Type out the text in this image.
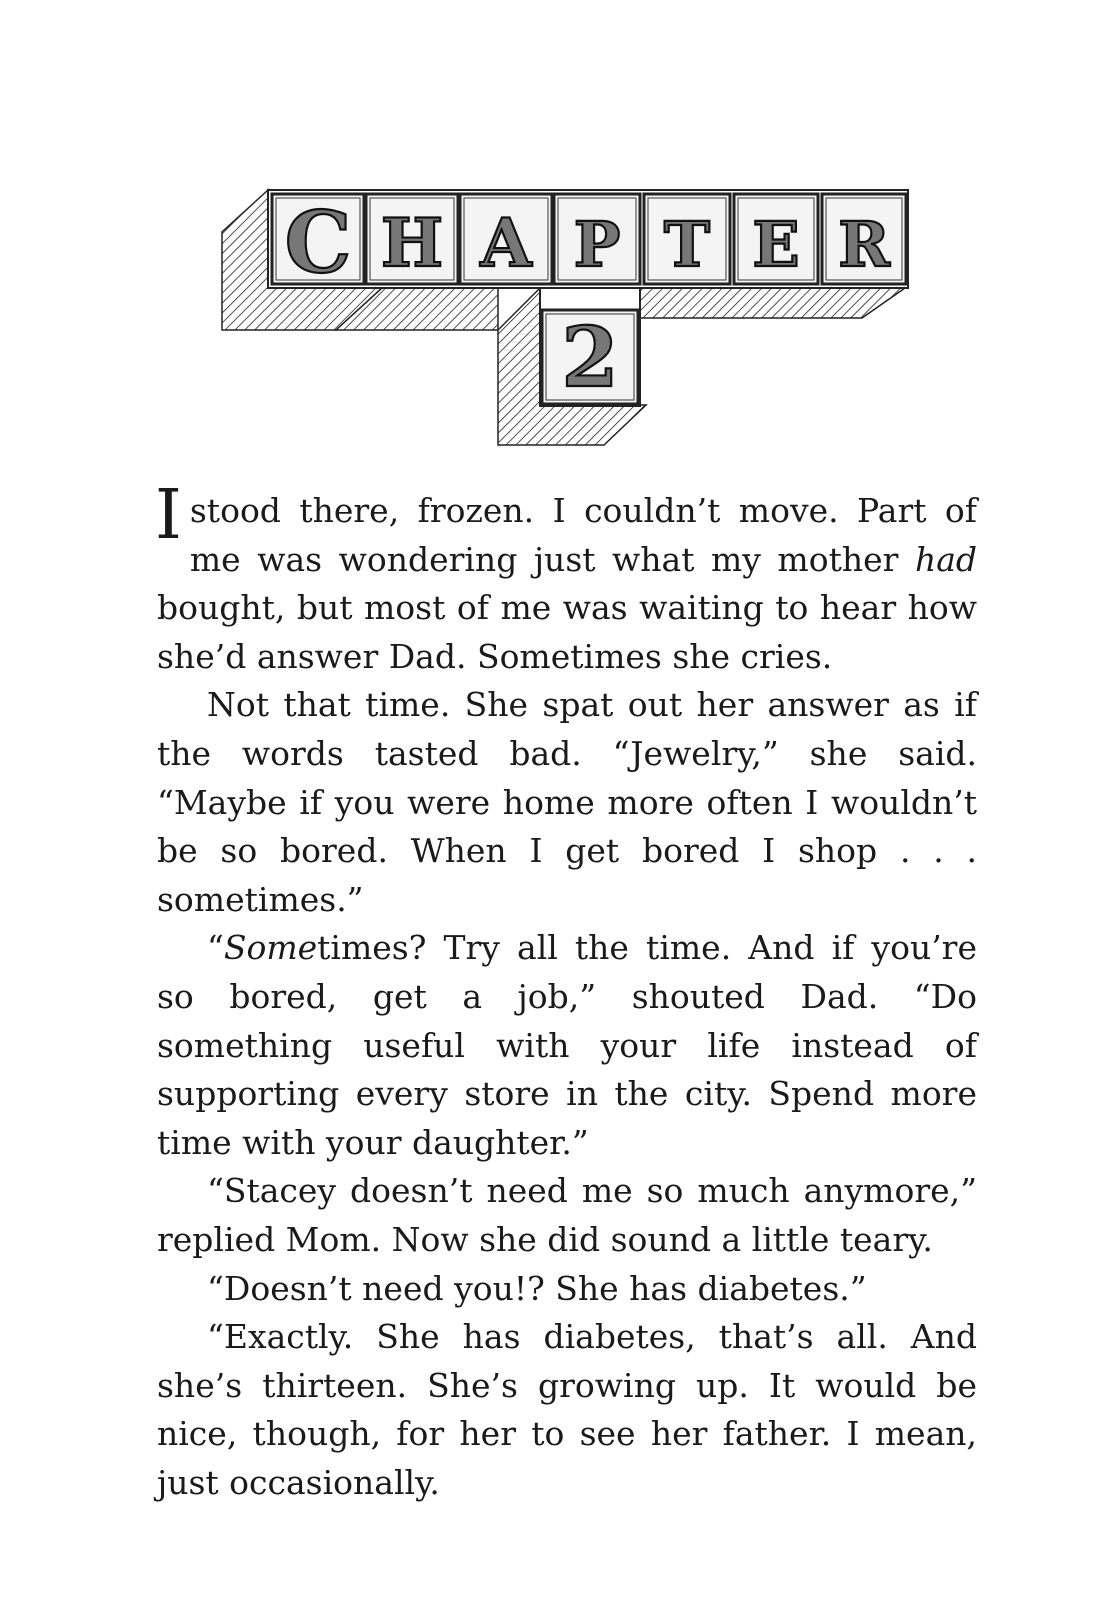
C H A P T E R
2

I stood there, frozen. I couldn’t move. Part of me was wondering just what my mother had bought, but most of me was waiting to hear how she’d answer Dad. Sometimes she cries.

Not that time. She spat out her answer as if the words tasted bad. “Jewelry,” she said. “Maybe if you were home more often I wouldn’t be so bored. When I get bored I shop . . . sometimes.”

“Sometimes? Try all the time. And if you’re so bored, get a job,” shouted Dad. “Do something useful with your life instead of supporting every store in the city. Spend more time with your daughter.”

“Stacey doesn’t need me so much anymore,” replied Mom. Now she did sound a little teary.

“Doesn’t need you!? She has diabetes.”

“Exactly. She has diabetes, that’s all. And she’s thirteen. She’s growing up. It would be nice, though, for her to see her father. I mean, just occasionally.
